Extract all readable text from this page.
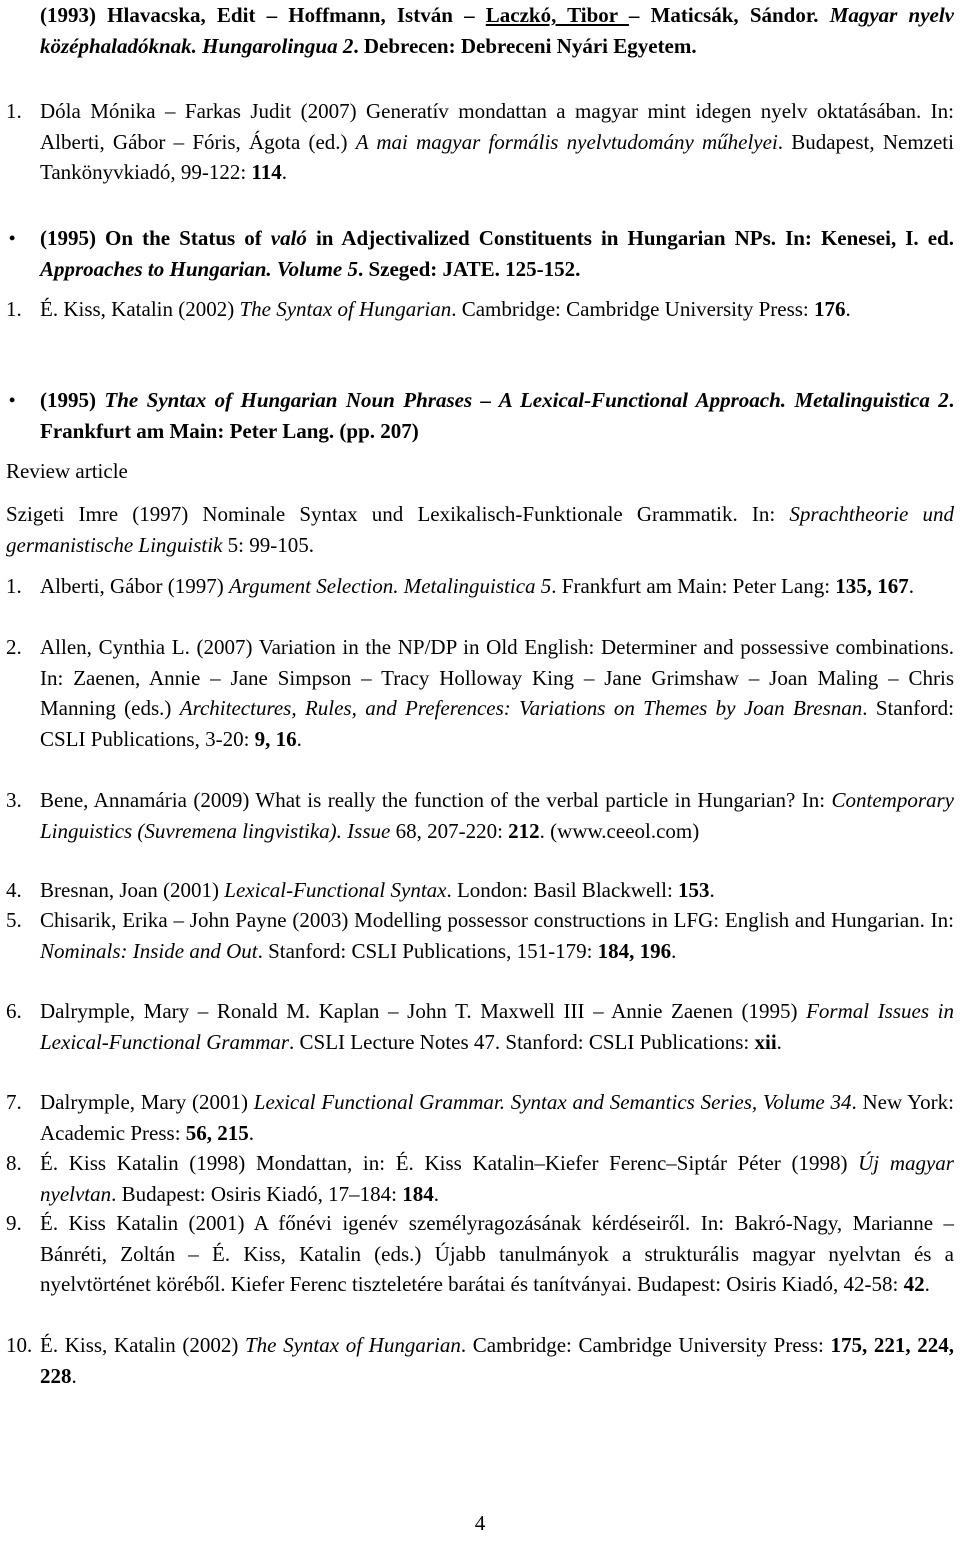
(1993) Hlavacska, Edit – Hoffmann, István – Laczkó, Tibor – Maticsák, Sándor. Magyar nyelv középhaladóknak. Hungarolingua 2. Debrecen: Debreceni Nyári Egyetem.
1. Dóla Mónika – Farkas Judit (2007) Generatív mondattan a magyar mint idegen nyelv oktatásában. In: Alberti, Gábor – Fóris, Ágota (ed.) A mai magyar formális nyelvtudomány műhelyei. Budapest, Nemzeti Tankönyvkiadó, 99-122: 114.
• (1995) On the Status of való in Adjectivalized Constituents in Hungarian NPs. In: Kenesei, I. ed. Approaches to Hungarian. Volume 5. Szeged: JATE. 125-152.
1. É. Kiss, Katalin (2002) The Syntax of Hungarian. Cambridge: Cambridge University Press: 176.
• (1995) The Syntax of Hungarian Noun Phrases – A Lexical-Functional Approach. Metalinguistica 2. Frankfurt am Main: Peter Lang. (pp. 207)
Review article
Szigeti Imre (1997) Nominale Syntax und Lexikalisch-Funktionale Grammatik. In: Sprachtheorie und germanistische Linguistik 5: 99-105.
1. Alberti, Gábor (1997) Argument Selection. Metalinguistica 5. Frankfurt am Main: Peter Lang: 135, 167.
2. Allen, Cynthia L. (2007) Variation in the NP/DP in Old English: Determiner and possessive combinations. In: Zaenen, Annie – Jane Simpson – Tracy Holloway King – Jane Grimshaw – Joan Maling – Chris Manning (eds.) Architectures, Rules, and Preferences: Variations on Themes by Joan Bresnan. Stanford: CSLI Publications, 3-20: 9, 16.
3. Bene, Annamária (2009) What is really the function of the verbal particle in Hungarian? In: Contemporary Linguistics (Suvremena lingvistika). Issue 68, 207-220: 212. (www.ceeol.com)
4. Bresnan, Joan (2001) Lexical-Functional Syntax. London: Basil Blackwell: 153.
5. Chisarik, Erika – John Payne (2003) Modelling possessor constructions in LFG: English and Hungarian. In: Nominals: Inside and Out. Stanford: CSLI Publications, 151-179: 184, 196.
6. Dalrymple, Mary – Ronald M. Kaplan – John T. Maxwell III – Annie Zaenen (1995) Formal Issues in Lexical-Functional Grammar. CSLI Lecture Notes 47. Stanford: CSLI Publications: xii.
7. Dalrymple, Mary (2001) Lexical Functional Grammar. Syntax and Semantics Series, Volume 34. New York: Academic Press: 56, 215.
8. É. Kiss Katalin (1998) Mondattan, in: É. Kiss Katalin–Kiefer Ferenc–Siptár Péter (1998) Új magyar nyelvtan. Budapest: Osiris Kiadó, 17–184: 184.
9. É. Kiss Katalin (2001) A főnévi igenév személyragozásának kérdéseiről. In: Bakró-Nagy, Marianne – Bánréti, Zoltán – É. Kiss, Katalin (eds.) Újabb tanulmányok a strukturális magyar nyelvtan és a nyelvtörténet köréből. Kiefer Ferenc tiszteletére barátai és tanítványai. Budapest: Osiris Kiadó, 42-58: 42.
10. É. Kiss, Katalin (2002) The Syntax of Hungarian. Cambridge: Cambridge University Press: 175, 221, 224, 228.
4
